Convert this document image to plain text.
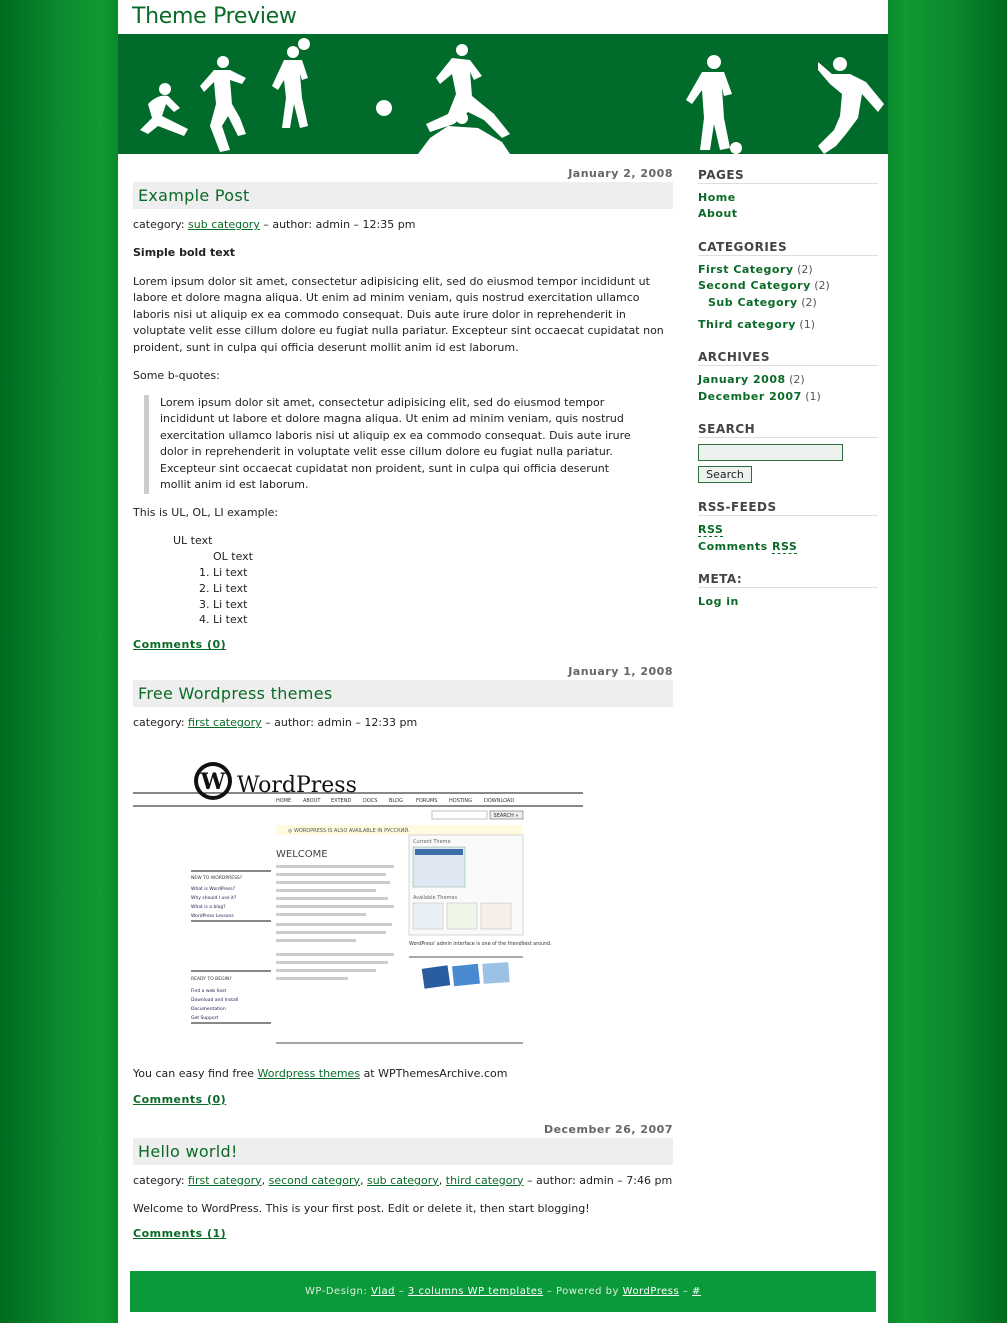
Theme Preview
January 2, 2008
Example Post

category: sub category – author: admin – 12:35 pm

Simple bold text

Lorem ipsum dolor sit amet, consectetur adipisicing elit, sed do eiusmod tempor incididunt ut labore et dolore magna aliqua. Ut enim ad minim veniam, quis nostrud exercitation ullamco laboris nisi ut aliquip ex ea commodo consequat. Duis aute irure dolor in reprehenderit in voluptate velit esse cillum dolore eu fugiat nulla pariatur. Excepteur sint occaecat cupidatat non proident, sunt in culpa qui officia deserunt mollit anim id est laborum.

Some b-quotes:

Lorem ipsum dolor sit amet, consectetur adipisicing elit, sed do eiusmod tempor incididunt ut labore et dolore magna aliqua. Ut enim ad minim veniam, quis nostrud exercitation ullamco laboris nisi ut aliquip ex ea commodo consequat. Duis aute irure dolor in reprehenderit in voluptate velit esse cillum dolore eu fugiat nulla pariatur. Excepteur sint occaecat cupidatat non proident, sunt in culpa qui officia deserunt mollit anim id est laborum.

This is UL, OL, LI example:

UL text
OL text
1. Li text
2. Li text
3. Li text
4. Li text
Comments (0)
January 1, 2008
Free Wordpress themes

category: first category – author: admin – 12:33 pm

W WordPress
HOME ABOUT EXTEND DOCS BLOG	FORUMS HOSTING DOWNLOAD
SEARCH »
◎ WORDPRESS IS ALSO AVAILABLE IN РУССКИЙ.
WELCOME
NEW TO WORDPRESS?
What is WordPress?
Why should I use it?
What is a blog?
WordPress Lessons
READY TO BEGIN?
Find a web host
Download and Install
Documentation
Get Support
Current Theme
Available Themes
WordPress' admin interface is one of the friendliest around.

You can easy find free Wordpress themes at WPThemesArchive.com

Comments (0)
December 26, 2007
Hello world!

category: first category, second category, sub category, third category – author: admin – 7:46 pm

Welcome to WordPress. This is your first post. Edit or delete it, then start blogging!

Comments (1)
PAGES
Home
About
CATEGORIES
First Category (2)
Second Category (2)
Sub Category (2)
Third category (1)
ARCHIVES
January 2008 (2)
December 2007 (1)
SEARCH
Search
RSS-FEEDS
RSS
Comments RSS
META:
Log in
WP-Design: Vlad – 3 columns WP templates – Powered by WordPress – #
